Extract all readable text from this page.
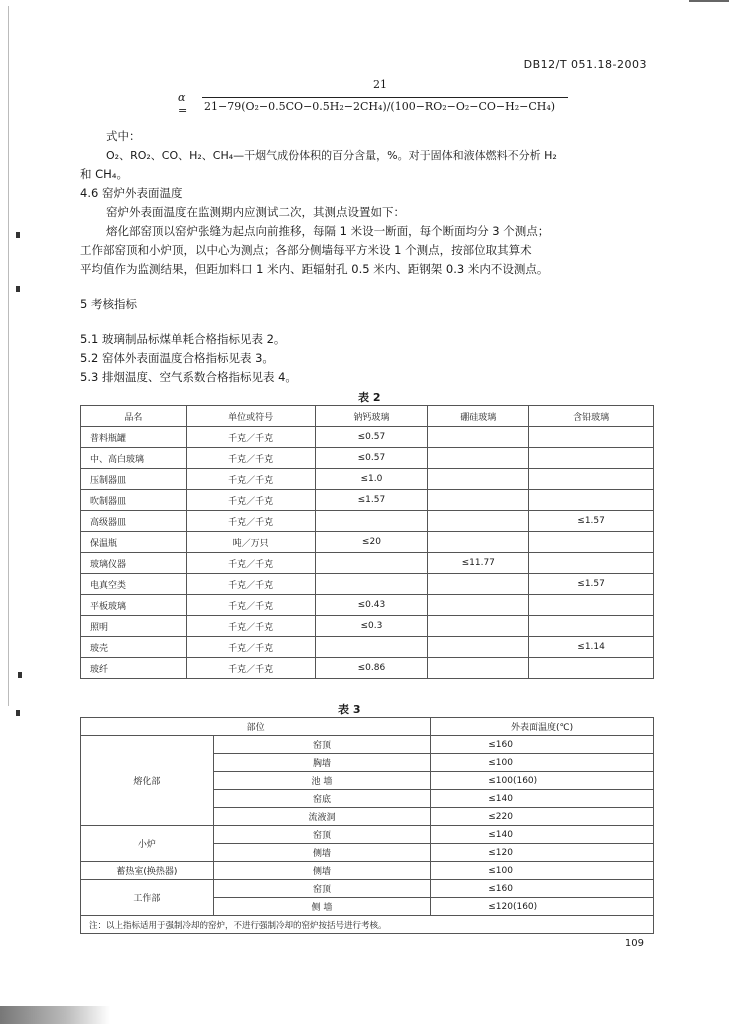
DB12/T 051.18-2003
α =
21
21−79(O₂−0.5CO−0.5H₂−2CH₄)/(100−RO₂−O₂−CO−H₂−CH₄)
式中：
O₂、RO₂、CO、H₂、CH₄—干烟气成份体积的百分含量，%。对于固体和液体燃料不分析 H₂
和 CH₄。
4.6 窑炉外表面温度
窑炉外表面温度在监测期内应测试二次，其测点设置如下：
熔化部窑顶以窑炉张缝为起点向前推移，每隔 1 米设一断面，每个断面均分 3 个测点；
工作部窑顶和小炉顶，以中心为测点；各部分侧墙每平方米设 1 个测点，按部位取其算术
平均值作为监测结果，但距加料口 1 米内、距辐射孔 0.5 米内、距钢架 0.3 米内不设测点。
5 考核指标
5.1 玻璃制品标煤单耗合格指标见表 2。
5.2 窑体外表面温度合格指标见表 3。
5.3 排烟温度、空气系数合格指标见表 4。
表 2
品名	单位或符号	钠钙玻璃	硼硅玻璃	含铅玻璃
普料瓶罐	千克／千克	≤0.57		
中、高白玻璃	千克／千克	≤0.57		
压制器皿	千克／千克	≤1.0		
吹制器皿	千克／千克	≤1.57		
高级器皿	千克／千克			≤1.57
保温瓶	吨／万只	≤20		
玻璃仪器	千克／千克		≤11.77	
电真空类	千克／千克			≤1.57
平板玻璃	千克／千克	≤0.43		
照明	千克／千克	≤0.3		
玻壳	千克／千克			≤1.14
玻纤	千克／千克	≤0.86		
表 3
部位		外表面温度(℃)
熔化部	窑顶	≤160
	胸墙	≤100
	池 墙	≤100(160)
	窑底	≤140
	流液洞	≤220
小炉	窑顶	≤140
	侧墙	≤120
蓄热室(换热器)	侧墙	≤100
工作部	窑顶	≤160
	侧 墙	≤120(160)
注：以上指标适用于强制冷却的窑炉，不进行强制冷却的窑炉按括号进行考核。		
109
